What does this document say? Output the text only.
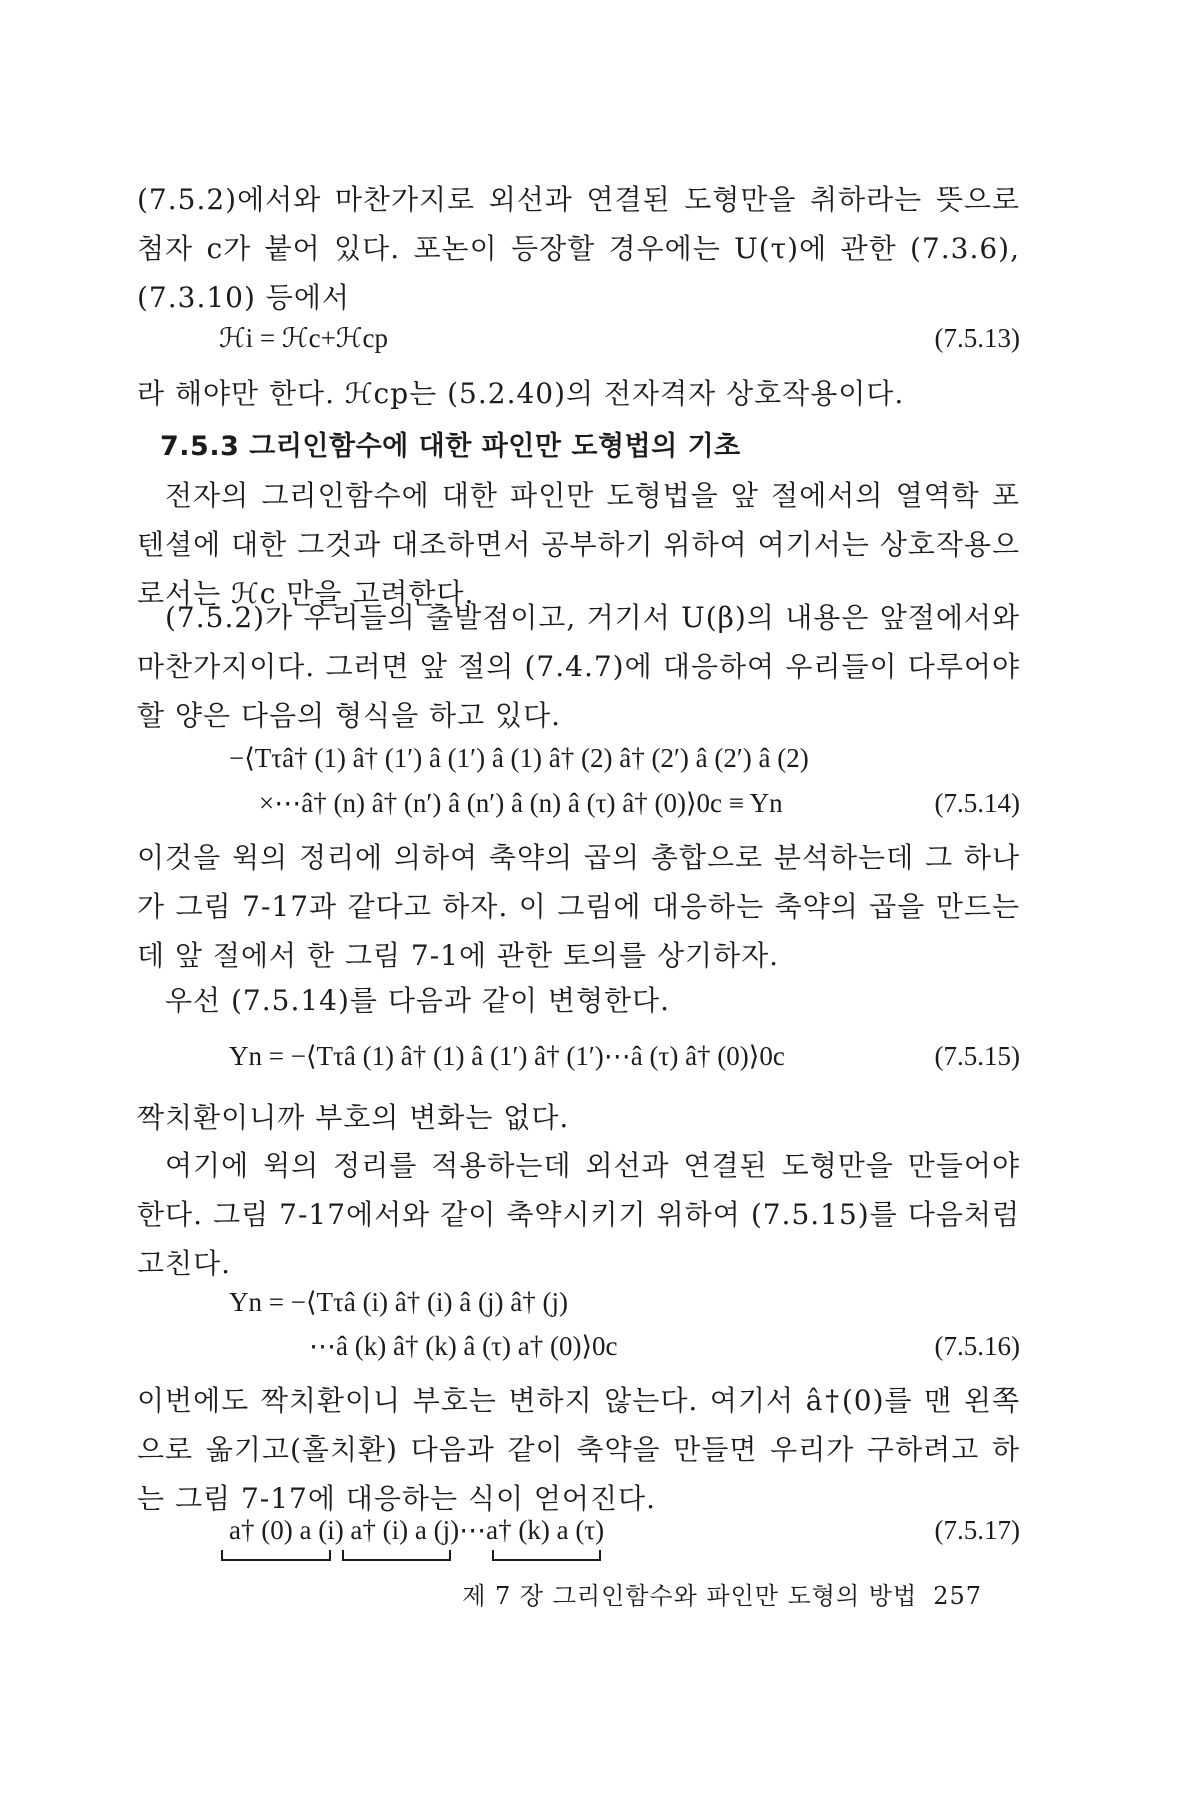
(7.5.2)에서와 마찬가지로 외선과 연결된 도형만을 취하라는 뜻으로 첨자 c가 붙어 있다. 포논이 등장할 경우에는 U(τ)에 관한 (7.3.6), (7.3.10) 등에서
ℋi = ℋc+ℋcp	(7.5.13)
라 해야만 한다. ℋcp는 (5.2.40)의 전자격자 상호작용이다.
7.5.3 그리인함수에 대한 파인만 도형법의 기초
전자의 그리인함수에 대한 파인만 도형법을 앞 절에서의 열역학 포텐셜에 대한 그것과 대조하면서 공부하기 위하여 여기서는 상호작용으로서는 ℋc 만을 고려한다.
(7.5.2)가 우리들의 출발점이고, 거기서 U(β)의 내용은 앞절에서와 마찬가지이다. 그러면 앞 절의 (7.4.7)에 대응하여 우리들이 다루어야 할 양은 다음의 형식을 하고 있다.
−⟨Tτâ† (1) â† (1′) â (1′) â (1) â† (2) â† (2′) â (2′) â (2)
×⋯â† (n) â† (n′) â (n′) â (n) â (τ) â† (0)⟩0c ≡ Yn	(7.5.14)
이것을 윅의 정리에 의하여 축약의 곱의 총합으로 분석하는데 그 하나가 그림 7-17과 같다고 하자. 이 그림에 대응하는 축약의 곱을 만드는데 앞 절에서 한 그림 7-1에 관한 토의를 상기하자.
우선 (7.5.14)를 다음과 같이 변형한다.
Yn = −⟨Tτâ (1) â† (1) â (1′) â† (1′)⋯â (τ) â† (0)⟩0c	(7.5.15)
짝치환이니까 부호의 변화는 없다.
여기에 윅의 정리를 적용하는데 외선과 연결된 도형만을 만들어야 한다. 그림 7-17에서와 같이 축약시키기 위하여 (7.5.15)를 다음처럼 고친다.
Yn = −⟨Tτâ (i) â† (i) â (j) â† (j)
⋯â (k) â† (k) â (τ) a† (0)⟩0c	(7.5.16)
이번에도 짝치환이니 부호는 변하지 않는다. 여기서 â†(0)를 맨 왼쪽으로 옮기고(홀치환) 다음과 같이 축약을 만들면 우리가 구하려고 하는 그림 7-17에 대응하는 식이 얻어진다.
a† (0) a (i) a† (i) a (j)⋯a† (k) a (τ)	(7.5.17)
제 7 장 그리인함수와 파인만 도형의 방법 257
